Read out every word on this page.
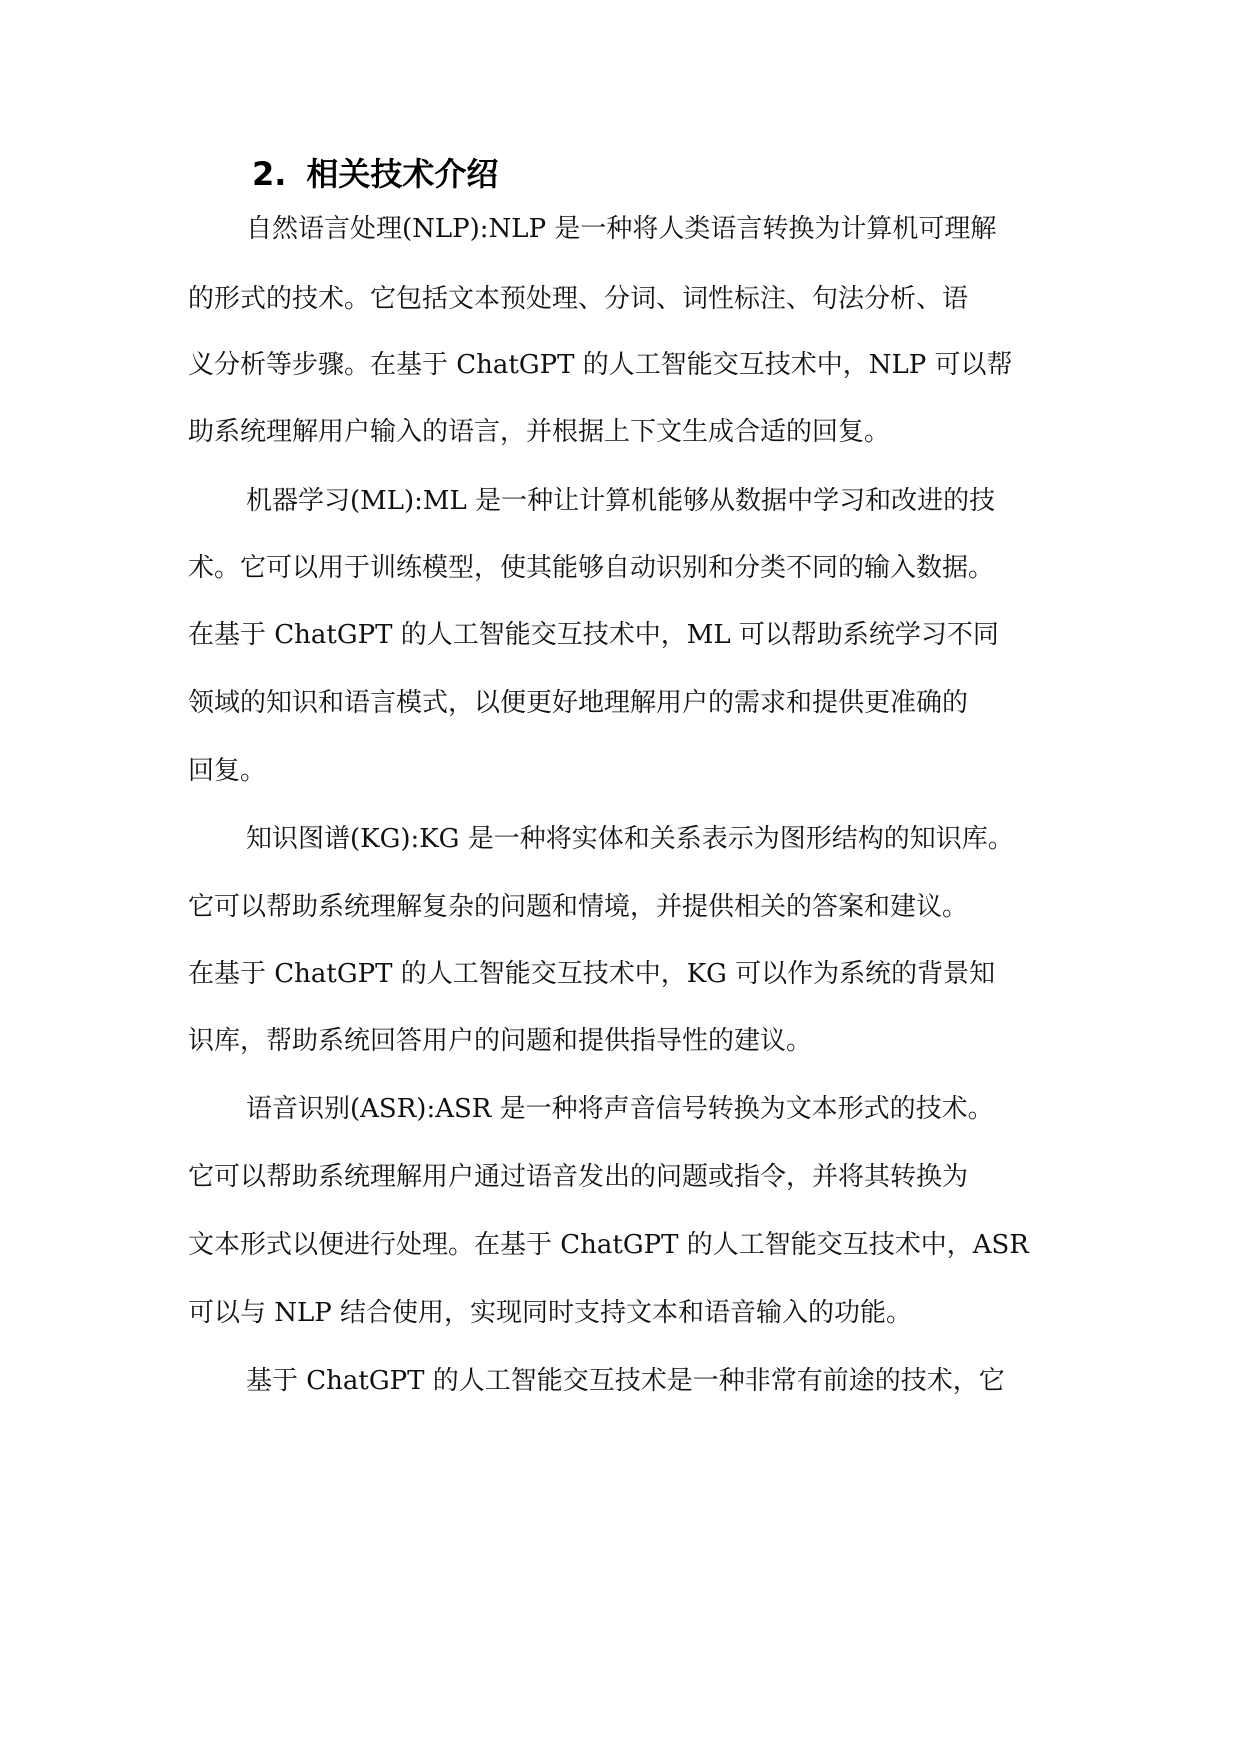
2. 相关技术介绍
自然语言处理(NLP):NLP 是一种将人类语言转换为计算机可理解
的形式的技术。它包括文本预处理、分词、词性标注、句法分析、语
义分析等步骤。在基于 ChatGPT 的人工智能交互技术中，NLP 可以帮
助系统理解用户输入的语言，并根据上下文生成合适的回复。
机器学习(ML):ML 是一种让计算机能够从数据中学习和改进的技
术。它可以用于训练模型，使其能够自动识别和分类不同的输入数据。
在基于 ChatGPT 的人工智能交互技术中，ML 可以帮助系统学习不同
领域的知识和语言模式，以便更好地理解用户的需求和提供更准确的
回复。
知识图谱(KG):KG 是一种将实体和关系表示为图形结构的知识库。
它可以帮助系统理解复杂的问题和情境，并提供相关的答案和建议。
在基于 ChatGPT 的人工智能交互技术中，KG 可以作为系统的背景知
识库，帮助系统回答用户的问题和提供指导性的建议。
语音识别(ASR):ASR 是一种将声音信号转换为文本形式的技术。
它可以帮助系统理解用户通过语音发出的问题或指令，并将其转换为
文本形式以便进行处理。在基于 ChatGPT 的人工智能交互技术中，ASR
可以与 NLP 结合使用，实现同时支持文本和语音输入的功能。
基于 ChatGPT 的人工智能交互技术是一种非常有前途的技术，它
